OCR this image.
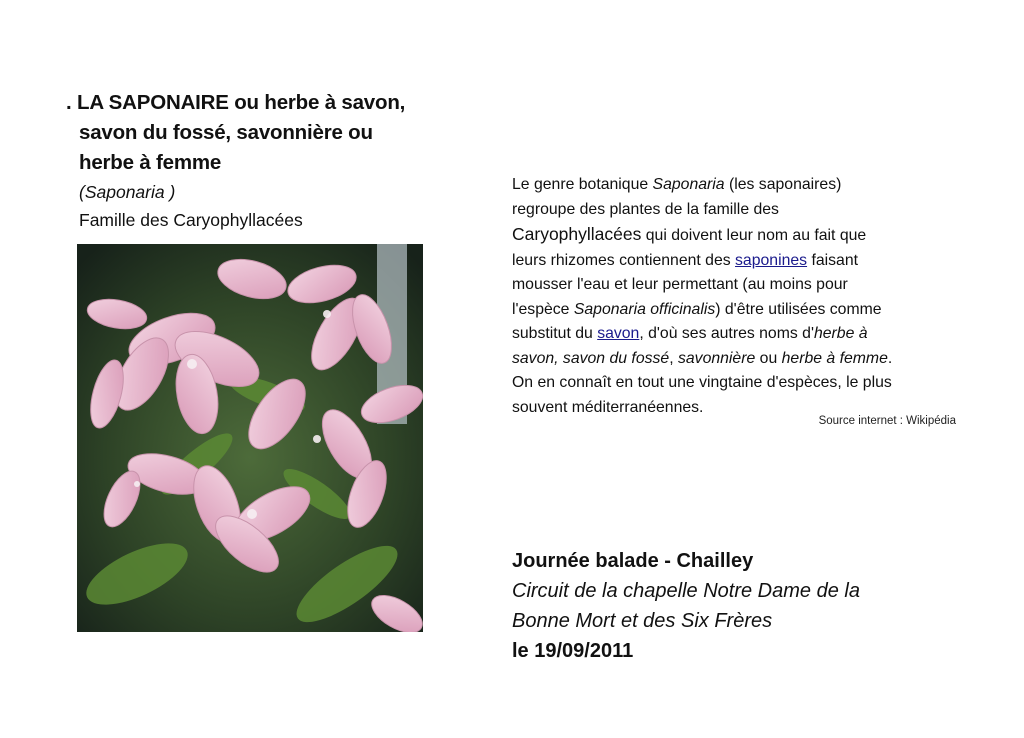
. LA SAPONAIRE ou herbe à savon,
savon du fossé, savonnière ou
herbe à femme
(Saponaria )
Famille des Caryophyllacées

Le genre botanique Saponaria (les saponaires)

regroupe des plantes de la famille des

Caryophyllacées qui doivent leur nom au fait que

leurs rhizomes contiennent des saponines faisant

mousser l'eau et leur permettant (au moins pour

l'espèce Saponaria officinalis) d'être utilisées comme

substitut du savon, d'où ses autres noms d'herbe à

savon, savon du fossé, savonnière ou herbe à femme.

On en connaît en tout une vingtaine d'espèces, le plus

souvent méditerranéennes.

Source internet : Wikipédia
Journée balade - Chailley
Circuit de la chapelle Notre Dame de la
Bonne Mort et des Six Frères
le 19/09/2011
